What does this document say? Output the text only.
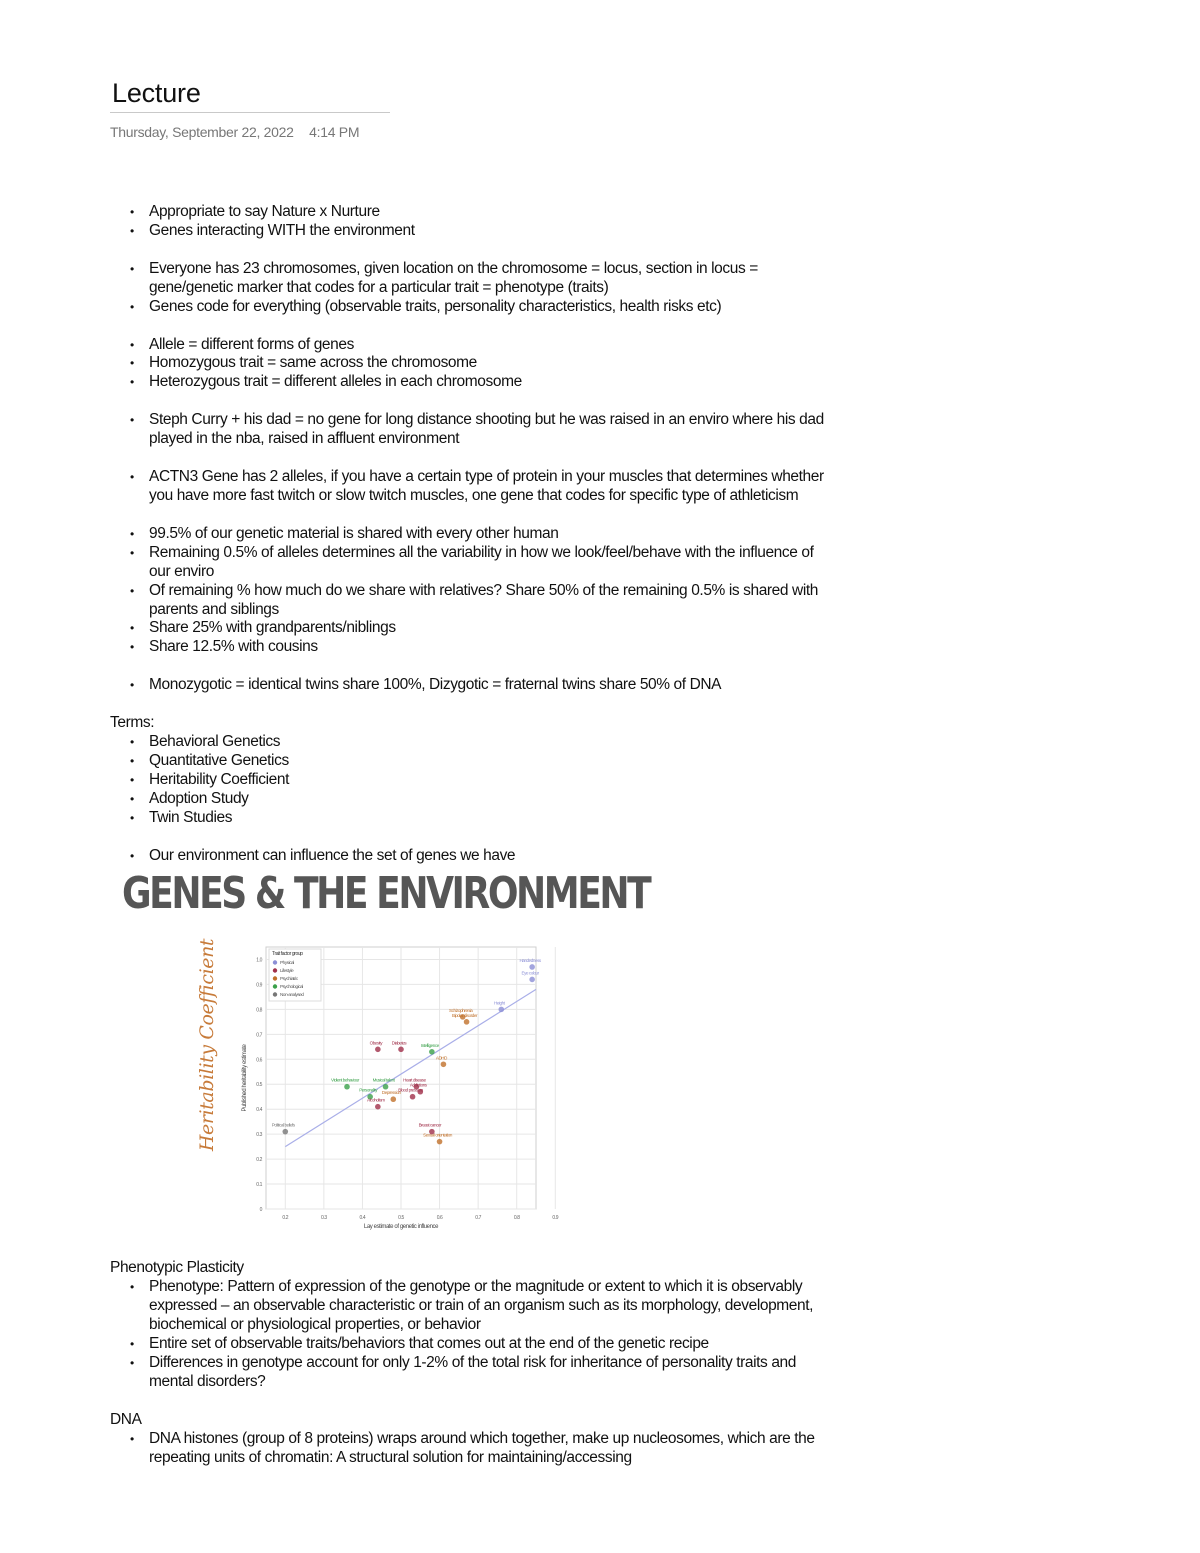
Lecture
Thursday, September 22, 2022 4:14 PM
• Appropriate to say Nature x Nurture
• Genes interacting WITH the environment
• Everyone has 23 chromosomes, given location on the chromosome = locus, section in locus = gene/genetic marker that codes for a particular trait = phenotype (traits)
• Genes code for everything (observable traits, personality characteristics, health risks etc)
• Allele = different forms of genes
• Homozygous trait = same across the chromosome
• Heterozygous trait = different alleles in each chromosome
• Steph Curry + his dad = no gene for long distance shooting but he was raised in an enviro where his dad played in the nba, raised in affluent environment
• ACTN3 Gene has 2 alleles, if you have a certain type of protein in your muscles that determines whether you have more fast twitch or slow twitch muscles, one gene that codes for specific type of athleticism
• 99.5% of our genetic material is shared with every other human
• Remaining 0.5% of alleles determines all the variability in how we look/feel/behave with the influence of our enviro
• Of remaining % how much do we share with relatives? Share 50% of the remaining 0.5% is shared with parents and siblings
• Share 25% with grandparents/niblings
• Share 12.5% with cousins
• Monozygotic = identical twins share 100%, Dizygotic = fraternal twins share 50% of DNA

Terms:

• Behavioral Genetics
• Quantitative Genetics
• Heritability Coefficient
• Adoption Study
• Twin Studies
• Our environment can influence the set of genes we have
GENES & THE ENVIRONMENT
Heritability Coefficient
0.2	0.3	0.4	0.5	0.6	0.7	0.8	0.9
0
0.1
0.2
0.3
0.4
0.5
0.6
0.7
0.8
0.9
1.0
Lay estimate of genetic influence
Published heritability estimate
Eye colour
Handedness
Height
Schizophrenia
Bipolar disorder
Intelligence
Obesity Diabetes
ADHD
Violent behaviour	Musical talent Heart disease
Addictions
Personality	Blood pressure
Depression
Alcoholism
Political beliefs	Breast cancer
Sexual orientation
Trait factor group
Physical
Lifestyle
Psychiatric
Psychological
Non-analysed

Phenotypic Plasticity

• Phenotype: Pattern of expression of the genotype or the magnitude or extent to which it is observably expressed – an observable characteristic or train of an organism such as its morphology, development, biochemical or physiological properties, or behavior
• Entire set of observable traits/behaviors that comes out at the end of the genetic recipe
• Differences in genotype account for only 1-2% of the total risk for inheritance of personality traits and mental disorders?

DNA

• DNA histones (group of 8 proteins) wraps around which together, make up nucleosomes, which are the repeating units of chromatin: A structural solution for maintaining/accessing
